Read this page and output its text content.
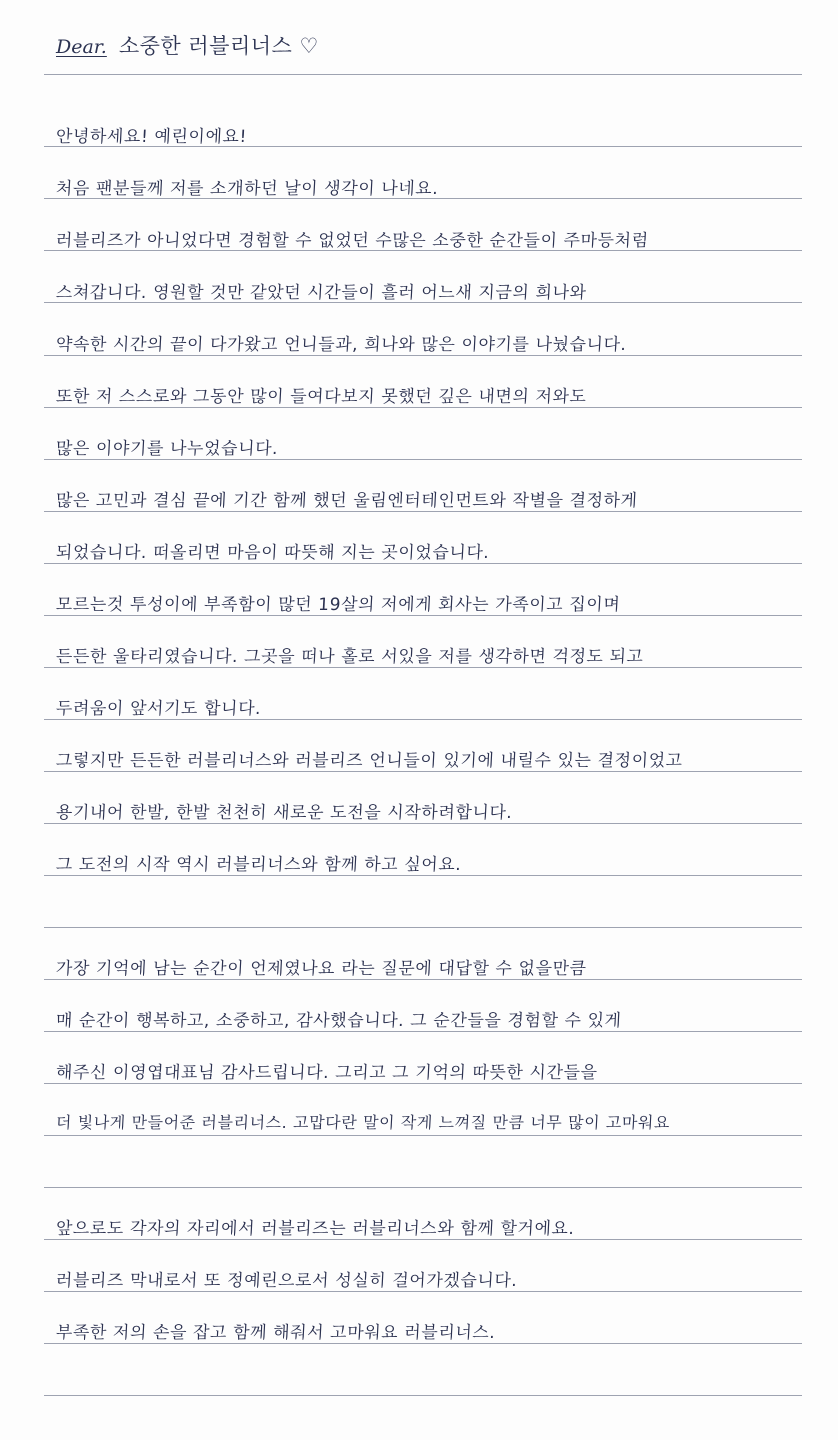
Dear. 소중한 러블리너스 ♡
안녕하세요! 예린이에요!
처음 팬분들께 저를 소개하던 날이 생각이 나네요.
러블리즈가 아니었다면 경험할 수 없었던 수많은 소중한 순간들이 주마등처럼
스쳐갑니다. 영원할 것만 같았던 시간들이 흘러 어느새 지금의 희나와
약속한 시간의 끝이 다가왔고 언니들과, 희나와 많은 이야기를 나눴습니다.
또한 저 스스로와 그동안 많이 들여다보지 못했던 깊은 내면의 저와도
많은 이야기를 나누었습니다.
많은 고민과 결심 끝에 기간 함께 했던 울림엔터테인먼트와 작별을 결정하게
되었습니다. 떠올리면 마음이 따뜻해 지는 곳이었습니다.
모르는것 투성이에 부족함이 많던 19살의 저에게 회사는 가족이고 집이며
든든한 울타리였습니다. 그곳을 떠나 홀로 서있을 저를 생각하면 걱정도 되고
두려움이 앞서기도 합니다.
그렇지만 든든한 러블리너스와 러블리즈 언니들이 있기에 내릴수 있는 결정이었고
용기내어 한발, 한발 천천히 새로운 도전을 시작하려합니다.
그 도전의 시작 역시 러블리너스와 함께 하고 싶어요.
가장 기억에 남는 순간이 언제였나요 라는 질문에 대답할 수 없을만큼
매 순간이 행복하고, 소중하고, 감사했습니다. 그 순간들을 경험할 수 있게
해주신 이영엽대표님 감사드립니다. 그리고 그 기억의 따뜻한 시간들을
더 빛나게 만들어준 러블리너스. 고맙다란 말이 작게 느껴질 만큼 너무 많이 고마워요
앞으로도 각자의 자리에서 러블리즈는 러블리너스와 함께 할거에요.
러블리즈 막내로서 또 정예린으로서 성실히 걸어가겠습니다.
부족한 저의 손을 잡고 함께 해줘서 고마워요 러블리너스.
